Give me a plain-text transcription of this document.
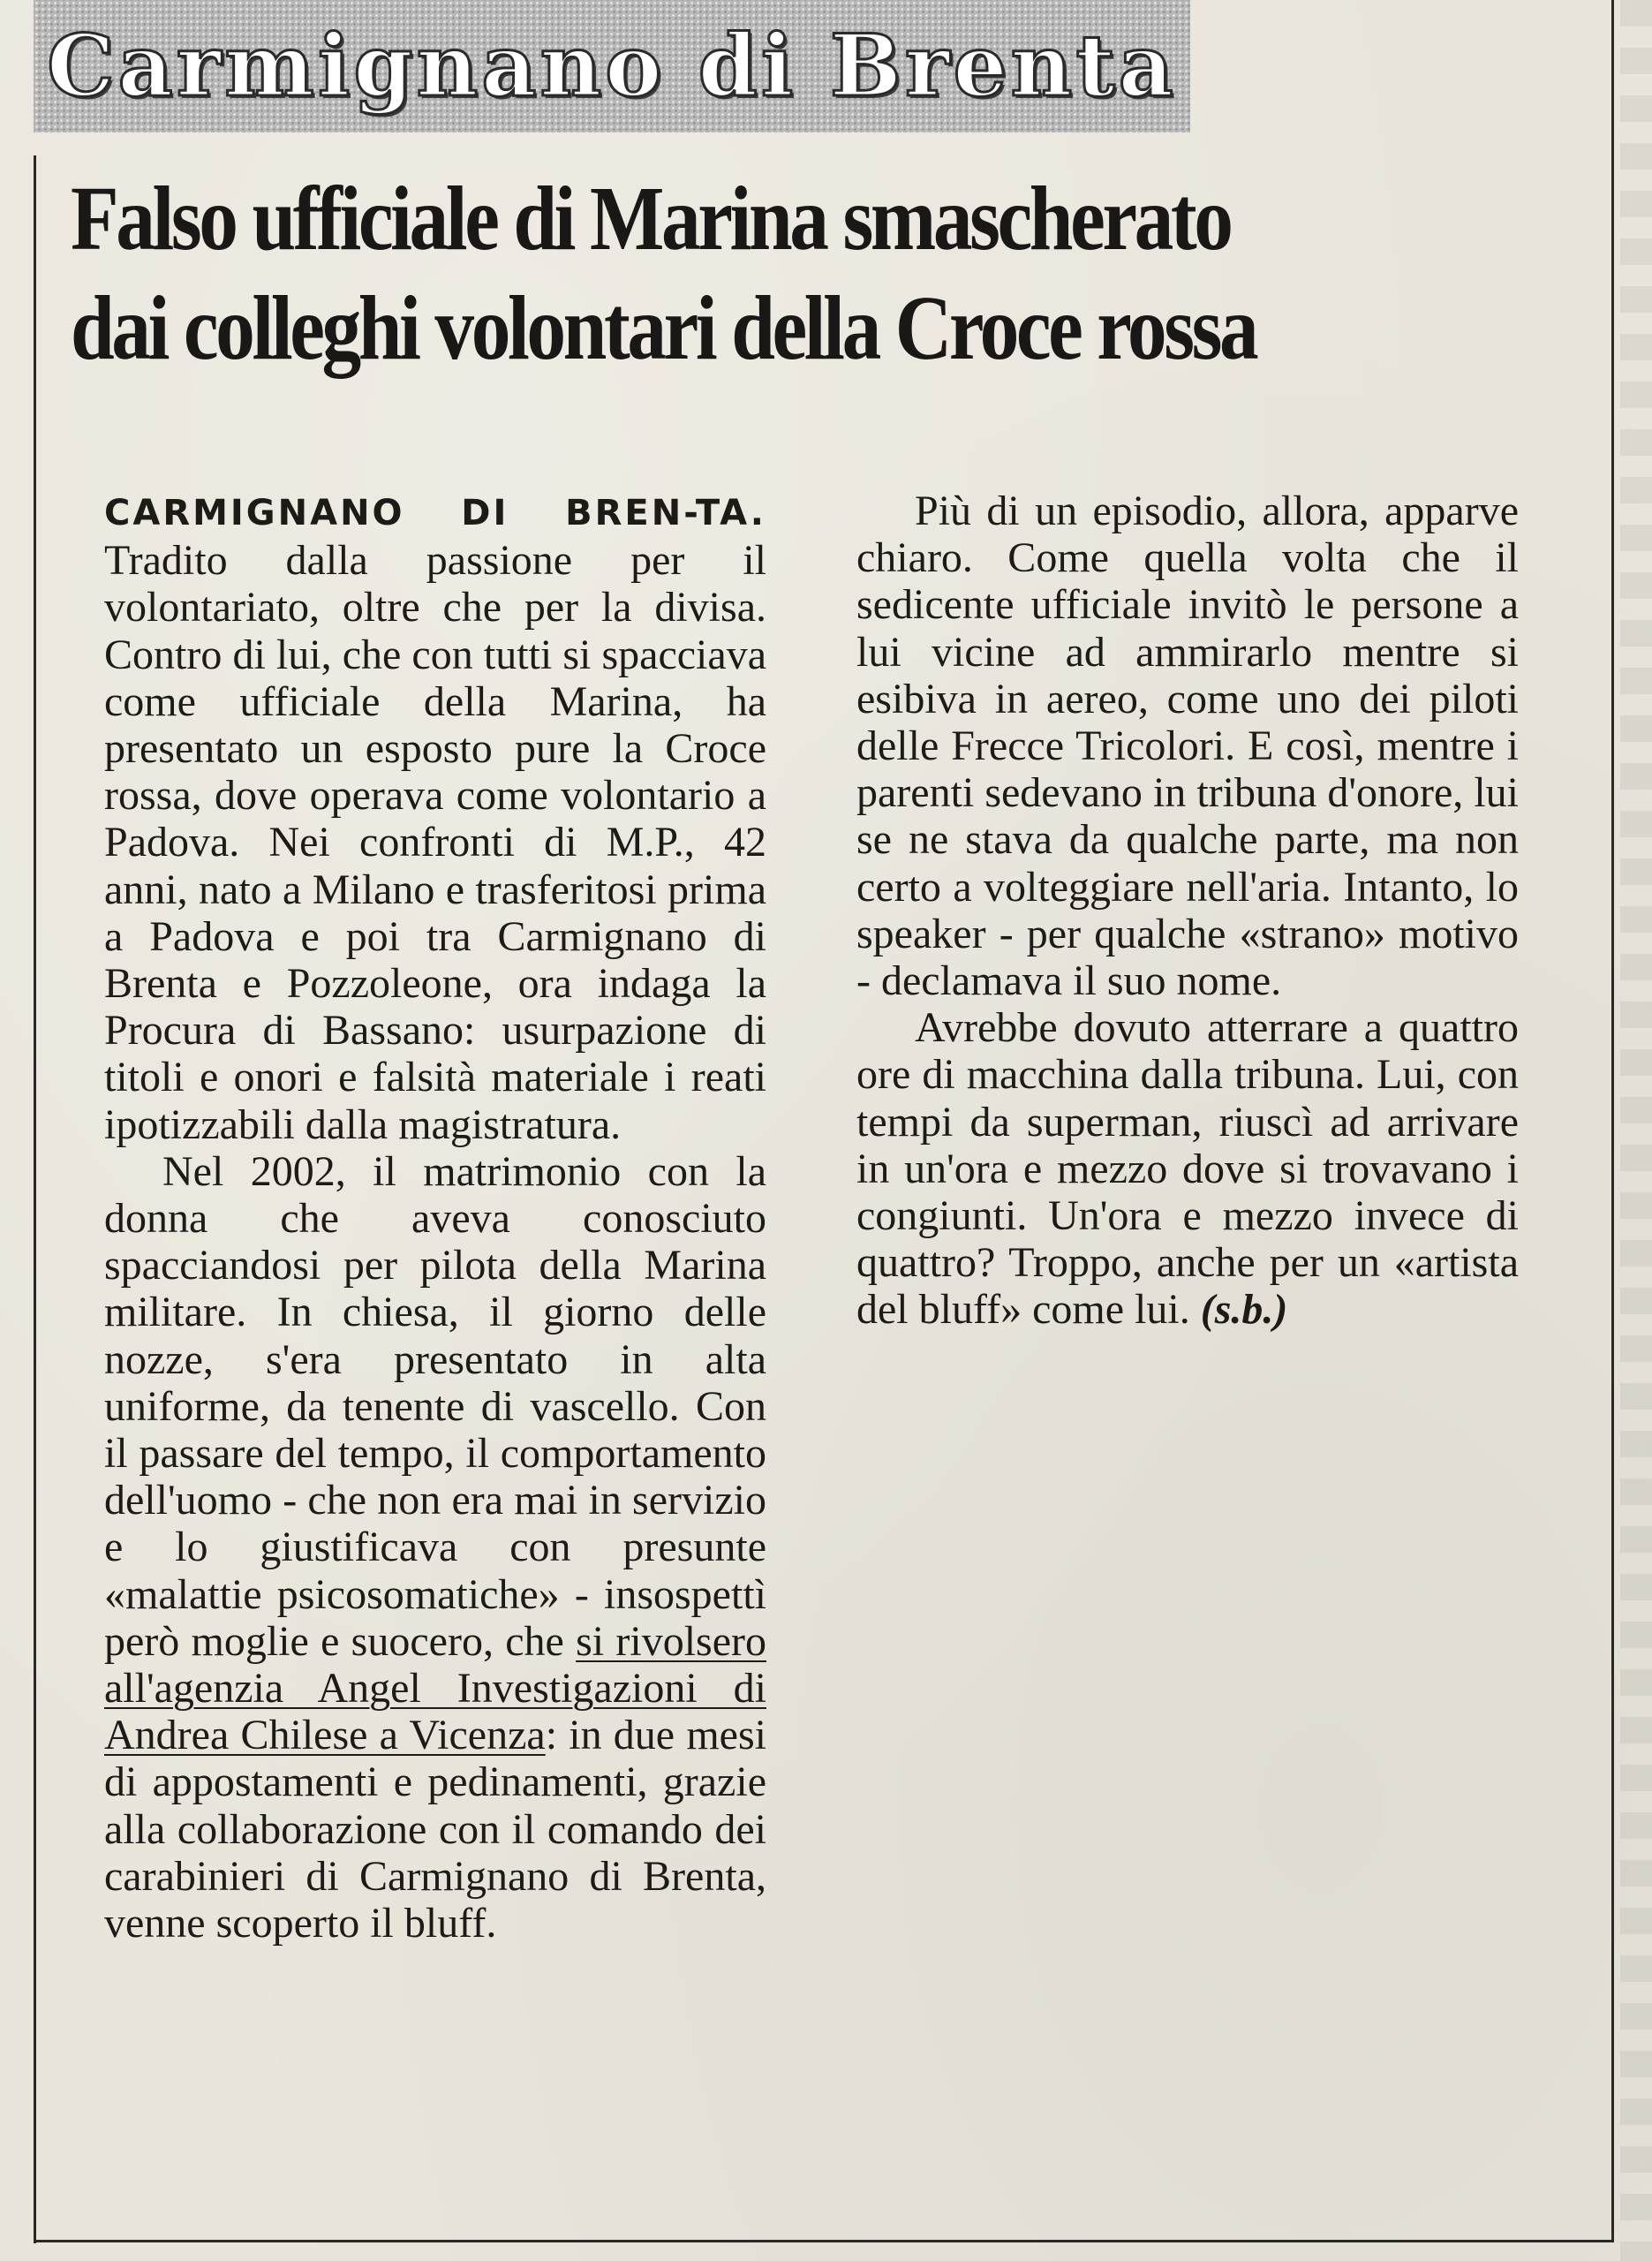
Carmignano di Brenta
Falso ufficiale di Marina smascherato
dai colleghi volontari della Croce rossa

CARMIGNANO DI BREN-TA. Tradito dalla passione per il volontariato, oltre che per la divisa. Contro di lui, che con tutti si spacciava come ufficiale della Marina, ha presentato un esposto pure la Croce rossa, dove operava come volontario a Padova. Nei confronti di M.P., 42 anni, nato a Milano e trasferitosi prima a Padova e poi tra Carmignano di Brenta e Pozzoleone, ora indaga la Procura di Bassano: usurpazione di titoli e onori e falsità materiale i reati ipotizzabili dalla magistratura.

Nel 2002, il matrimonio con la donna che aveva conosciuto spacciandosi per pilota della Marina militare. In chiesa, il giorno delle nozze, s'era presentato in alta uniforme, da tenente di vascello. Con il passare del tempo, il comportamento dell'uomo - che non era mai in servizio e lo giustificava con presunte «malattie psicosomatiche» - insospettì però moglie e suocero, che si rivolsero all'agenzia Angel Investigazioni di Andrea Chilese a Vicenza: in due mesi di appostamenti e pedinamenti, grazie alla collaborazione con il comando dei carabinieri di Carmignano di Brenta, venne scoperto il bluff.

Più di un episodio, allora, apparve chiaro. Come quella volta che il sedicente ufficiale invitò le persone a lui vicine ad ammirarlo mentre si esibiva in aereo, come uno dei piloti delle Frecce Tricolori. E così, mentre i parenti sedevano in tribuna d'onore, lui se ne stava da qualche parte, ma non certo a volteggiare nell'aria. Intanto, lo speaker - per qualche «strano» motivo - declamava il suo nome.

Avrebbe dovuto atterrare a quattro ore di macchina dalla tribuna. Lui, con tempi da superman, riuscì ad arrivare in un'ora e mezzo dove si trovavano i congiunti. Un'ora e mezzo invece di quattro? Troppo, anche per un «artista del bluff» come lui. (s.b.)
